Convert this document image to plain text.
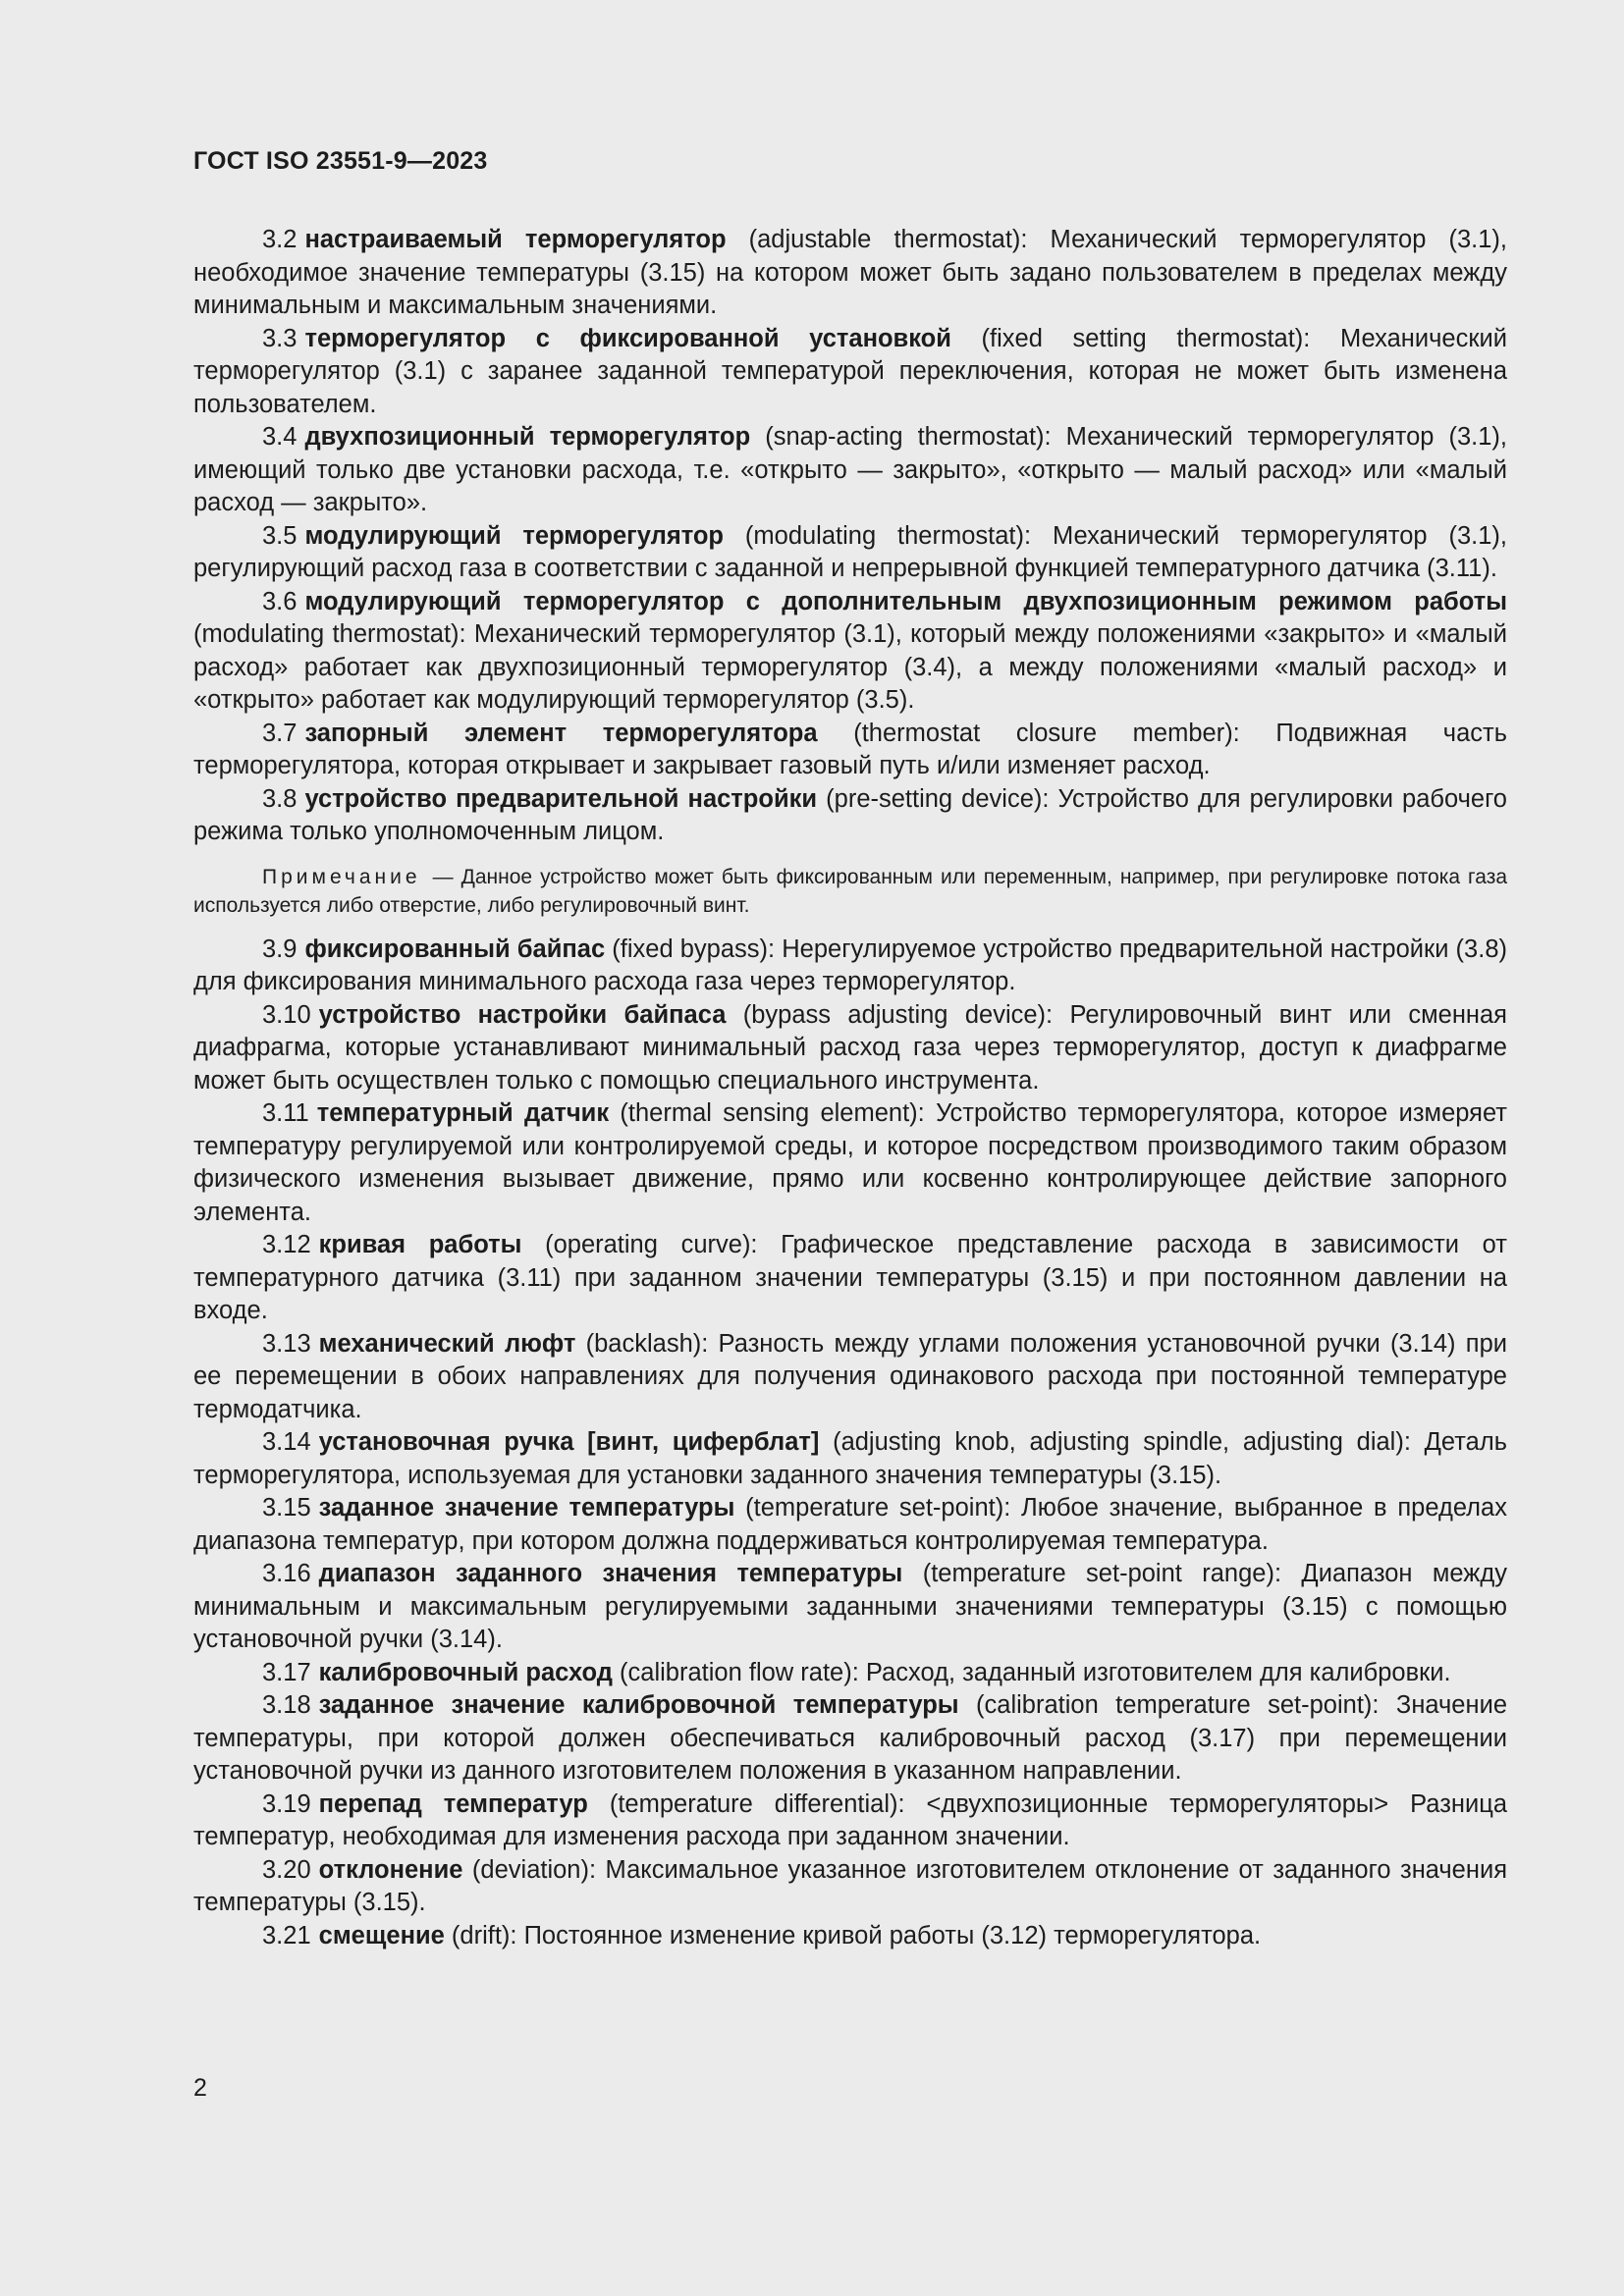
ГОСТ ISO 23551-9—2023

3.2 настраиваемый терморегулятор (adjustable thermostat): Механический терморегулятор (3.1), необходимое значение температуры (3.15) на котором может быть задано пользователем в пределах между минимальным и максимальным значениями.

3.3 терморегулятор с фиксированной установкой (fixed setting thermostat): Механический терморегулятор (3.1) с заранее заданной температурой переключения, которая не может быть изменена пользователем.

3.4 двухпозиционный терморегулятор (snap-acting thermostat): Механический терморегулятор (3.1), имеющий только две установки расхода, т.е. «открыто — закрыто», «открыто — малый расход» или «малый расход — закрыто».

3.5 модулирующий терморегулятор (modulating thermostat): Механический терморегулятор (3.1), регулирующий расход газа в соответствии с заданной и непрерывной функцией температурного датчика (3.11).

3.6 модулирующий терморегулятор с дополнительным двухпозиционным режимом работы (modulating thermostat): Механический терморегулятор (3.1), который между положениями «закрыто» и «малый расход» работает как двухпозиционный терморегулятор (3.4), а между положениями «малый расход» и «открыто» работает как модулирующий терморегулятор (3.5).

3.7 запорный элемент терморегулятора (thermostat closure member): Подвижная часть терморегулятора, которая открывает и закрывает газовый путь и/или изменяет расход.

3.8 устройство предварительной настройки (pre-setting device): Устройство для регулировки рабочего режима только уполномоченным лицом.

Примечание — Данное устройство может быть фиксированным или переменным, например, при регулировке потока газа используется либо отверстие, либо регулировочный винт.

3.9 фиксированный байпас (fixed bypass): Нерегулируемое устройство предварительной настройки (3.8) для фиксирования минимального расхода газа через терморегулятор.

3.10 устройство настройки байпаса (bypass adjusting device): Регулировочный винт или сменная диафрагма, которые устанавливают минимальный расход газа через терморегулятор, доступ к диафрагме может быть осуществлен только с помощью специального инструмента.

3.11 температурный датчик (thermal sensing element): Устройство терморегулятора, которое измеряет температуру регулируемой или контролируемой среды, и которое посредством производимого таким образом физического изменения вызывает движение, прямо или косвенно контролирующее действие запорного элемента.

3.12 кривая работы (operating curve): Графическое представление расхода в зависимости от температурного датчика (3.11) при заданном значении температуры (3.15) и при постоянном давлении на входе.

3.13 механический люфт (backlash): Разность между углами положения установочной ручки (3.14) при ее перемещении в обоих направлениях для получения одинакового расхода при постоянной температуре термодатчика.

3.14 установочная ручка [винт, циферблат] (adjusting knob, adjusting spindle, adjusting dial): Деталь терморегулятора, используемая для установки заданного значения температуры (3.15).

3.15 заданное значение температуры (temperature set-point): Любое значение, выбранное в пределах диапазона температур, при котором должна поддерживаться контролируемая температура.

3.16 диапазон заданного значения температуры (temperature set-point range): Диапазон между минимальным и максимальным регулируемыми заданными значениями температуры (3.15) с помощью установочной ручки (3.14).

3.17 калибровочный расход (calibration flow rate): Расход, заданный изготовителем для калибровки.

3.18 заданное значение калибровочной температуры (calibration temperature set-point): Значение температуры, при которой должен обеспечиваться калибровочный расход (3.17) при перемещении установочной ручки из данного изготовителем положения в указанном направлении.

3.19 перепад температур (temperature differential): <двухпозиционные терморегуляторы> Разница температур, необходимая для изменения расхода при заданном значении.

3.20 отклонение (deviation): Максимальное указанное изготовителем отклонение от заданного значения температуры (3.15).

3.21 смещение (drift): Постоянное изменение кривой работы (3.12) терморегулятора.

2
